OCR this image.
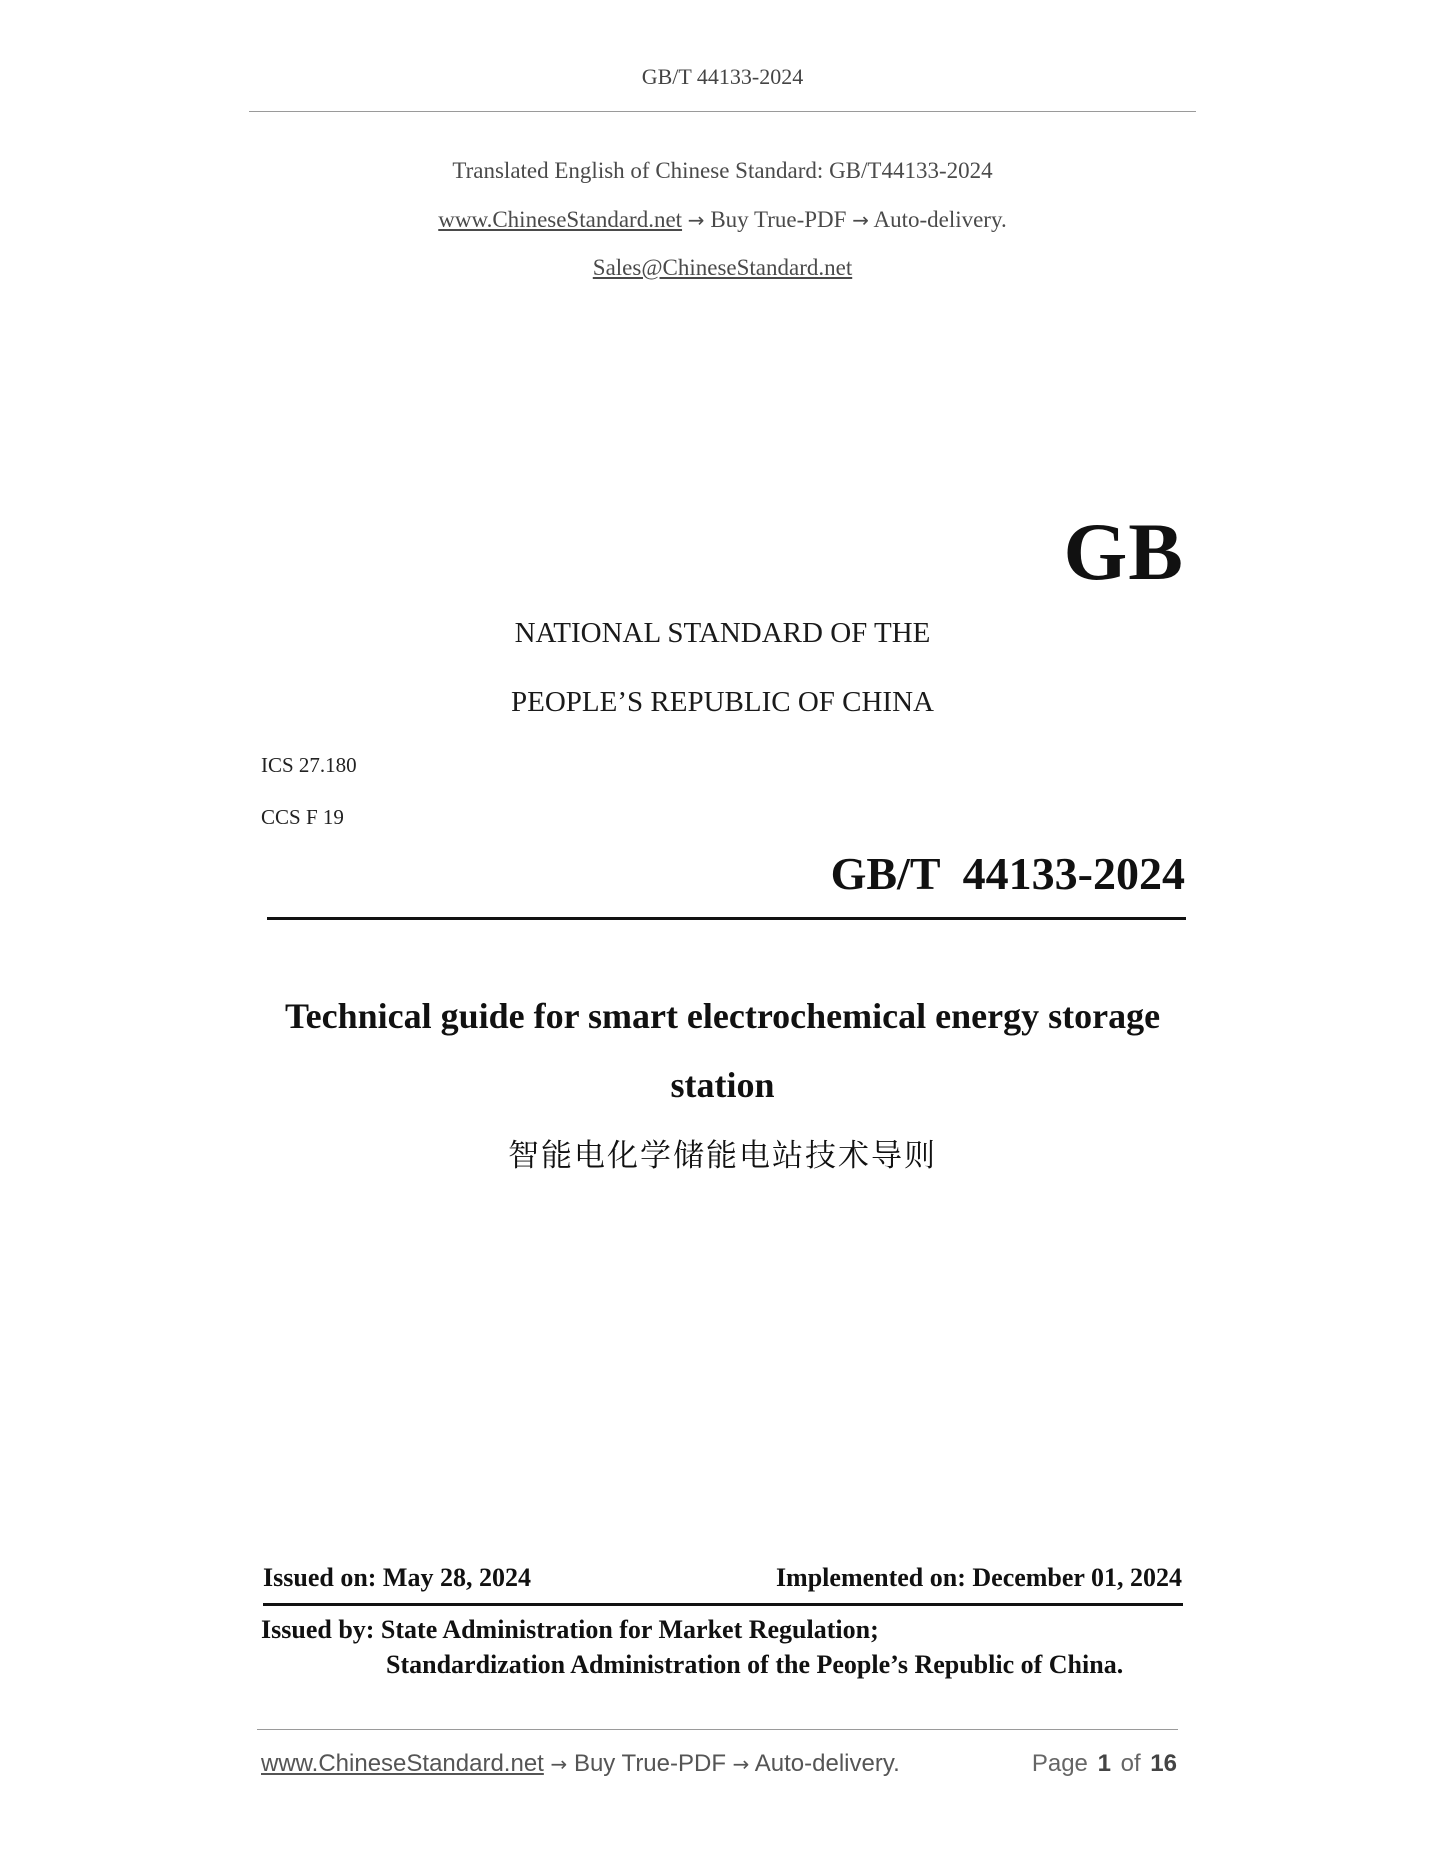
GB/T 44133-2024
Translated English of Chinese Standard: GB/T44133-2024
www.ChineseStandard.net → Buy True-PDF → Auto-delivery.
Sales@ChineseStandard.net
GB
NATIONAL STANDARD OF THE
PEOPLE’S REPUBLIC OF CHINA
ICS 27.180
CCS F 19
GB/T  44133-2024
Technical guide for smart electrochemical energy storage
station
智能电化学储能电站技术导则
Issued on: May 28, 2024	Implemented on: December 01, 2024
Issued by: State Administration for Market Regulation;
Standardization Administration of the People’s Republic of China.
www.ChineseStandard.net → Buy True-PDF → Auto-delivery.	Page 1 of 16
